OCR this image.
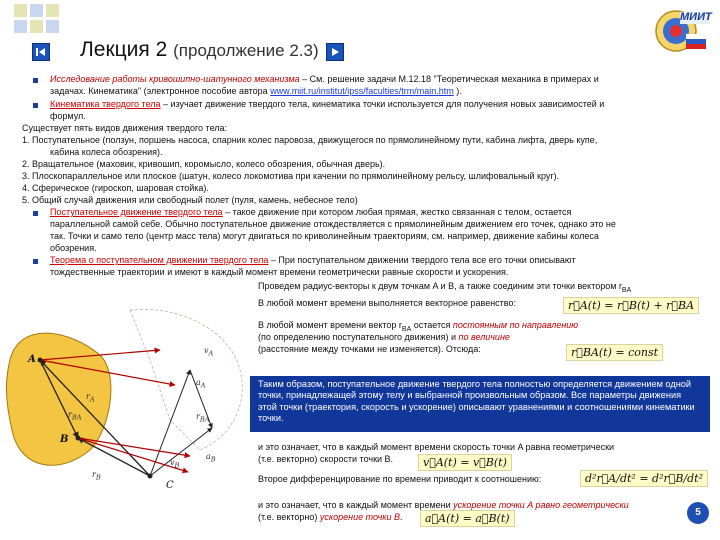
МИИТ
Лекция 2 (продолжение 2.3)
Исследование работы кривошипно-шатунного механизма – См. решение задачи М.12.18 "Теоретическая механика в примерах и
задачах. Кинематика" (электронное пособие автора www.miit.ru/institut/ipss/faculties/trm/main.htm ).
Кинематика твердого тела – изучает движение твердого тела, кинематика точки используется для получения новых зависимостей и
формул.
Существует пять видов движения твердого тела:
1. Поступательное (ползун, поршень насоса, спарник колес паровоза, движущегося по прямолинейному пути, кабина лифта, дверь купе,
кабина колеса обозрения).
2. Вращательное (маховик, кривошип, коромысло, колесо обозрения, обычная дверь).
3. Плоскопараллельное или плоское (шатун, колесо локомотива при качении по прямолинейному рельсу, шлифовальный круг).
4. Сферическое (гироскоп, шаровая стойка).
5. Общий случай движения или свободный полет (пуля, камень, небесное тело)
Поступательное движение твердого тела – такое движение при котором любая прямая, жестко связанная с телом, остается
параллельной самой себе. Обычно поступательное движение отождествляется с прямолинейным движением его точек, однако это не
так. Точки и само тело (центр масс тела) могут двигаться по криволинейным траекториям, см. например, движение кабины колеса
обозрения.
Теорема о поступательном движении твердого тела – При поступательном движении твердого тела все его точки описывают
тождественные траектории и имеют в каждый момент времени геометрически равные скорости и ускорения.
Проведем радиус-векторы к двум точкам A и B, а также соединим эти точки вектором $r_{BA}$
В любой момент времени выполняется векторное равенство:
В любой момент времени вектор $r_{BA}$ остается постоянным по направлению
(по определению поступательного движения) и по величине
(расстояние между точками не изменяется). Отсюда:
r⃗A(t) = r⃗B(t) + r⃗BA
r⃗BA(t) = const
Таким образом, поступательное движение твердого тела полностью определяется движением одной точки, принадлежащей этому телу и выбранной произвольным образом. Все параметры движения этой точки (траектория, скорость и ускорение) описывают уравнениями и соотношениями кинематики точки.
и это означает, что в каждый момент времени скорость точки A равна геометрически
(т.е. векторно) скорости точки B.	v⃗A(t) = v⃗B(t)
Второе дифференцирование по времени приводит к соотношению:	d²r⃗A/dt² = d²r⃗B/dt²
и это означает, что в каждый момент времени ускорение точки A равно геометрически
(т.е. векторно) ускорение точки B.	a⃗A(t) = a⃗B(t)
A
B
C
$v_A$
$a_A$
$r_A$
$r_{BA}$
$r_B$
$v_B$
$a_B$
$r_{BA}$
5
